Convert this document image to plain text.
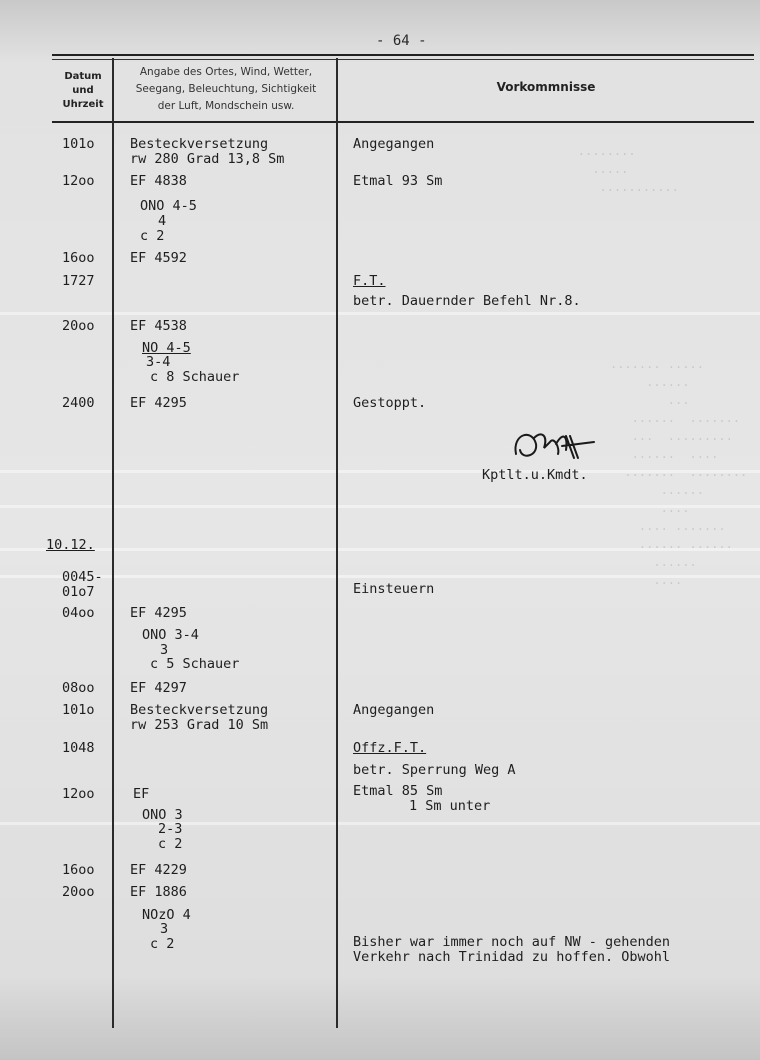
........
.....
...........
....... .....
......
...
......  .......
...  .........
......  ....
.......  ........
......
....
.... .......
...... ......
......
....
- 64 -
Datum
und
Uhrzeit
Angabe des Ortes, Wind, Wetter,
Seegang, Beleuchtung, Sichtigkeit
der Luft, Mondschein usw.
Vorkommnisse
101o
12oo
16oo
1727
20oo
2400
10.12.
0045-
01o7
04oo
08oo
101o
1048
12oo
16oo
20oo
Besteckversetzung
rw 280 Grad 13,8 Sm
EF 4838
ONO 4-5
4
c 2
EF 4592
EF 4538
NO 4-5
3-4
c 8 Schauer
EF 4295
EF 4295
ONO 3-4
3
c 5 Schauer
EF 4297
Besteckversetzung
rw 253 Grad 10 Sm
EF
ONO 3
2-3
c 2
EF 4229
EF 1886
NOzO 4
3
c 2
Angegangen
Etmal 93 Sm
F.T.
betr. Dauernder Befehl Nr.8.
Gestoppt.
Kptlt.u.Kmdt.
Einsteuern
Angegangen
Offz.F.T.
betr. Sperrung Weg A
Etmal 85 Sm
1 Sm unter
Bisher war immer noch auf NW - gehenden
Verkehr nach Trinidad zu hoffen. Obwohl
